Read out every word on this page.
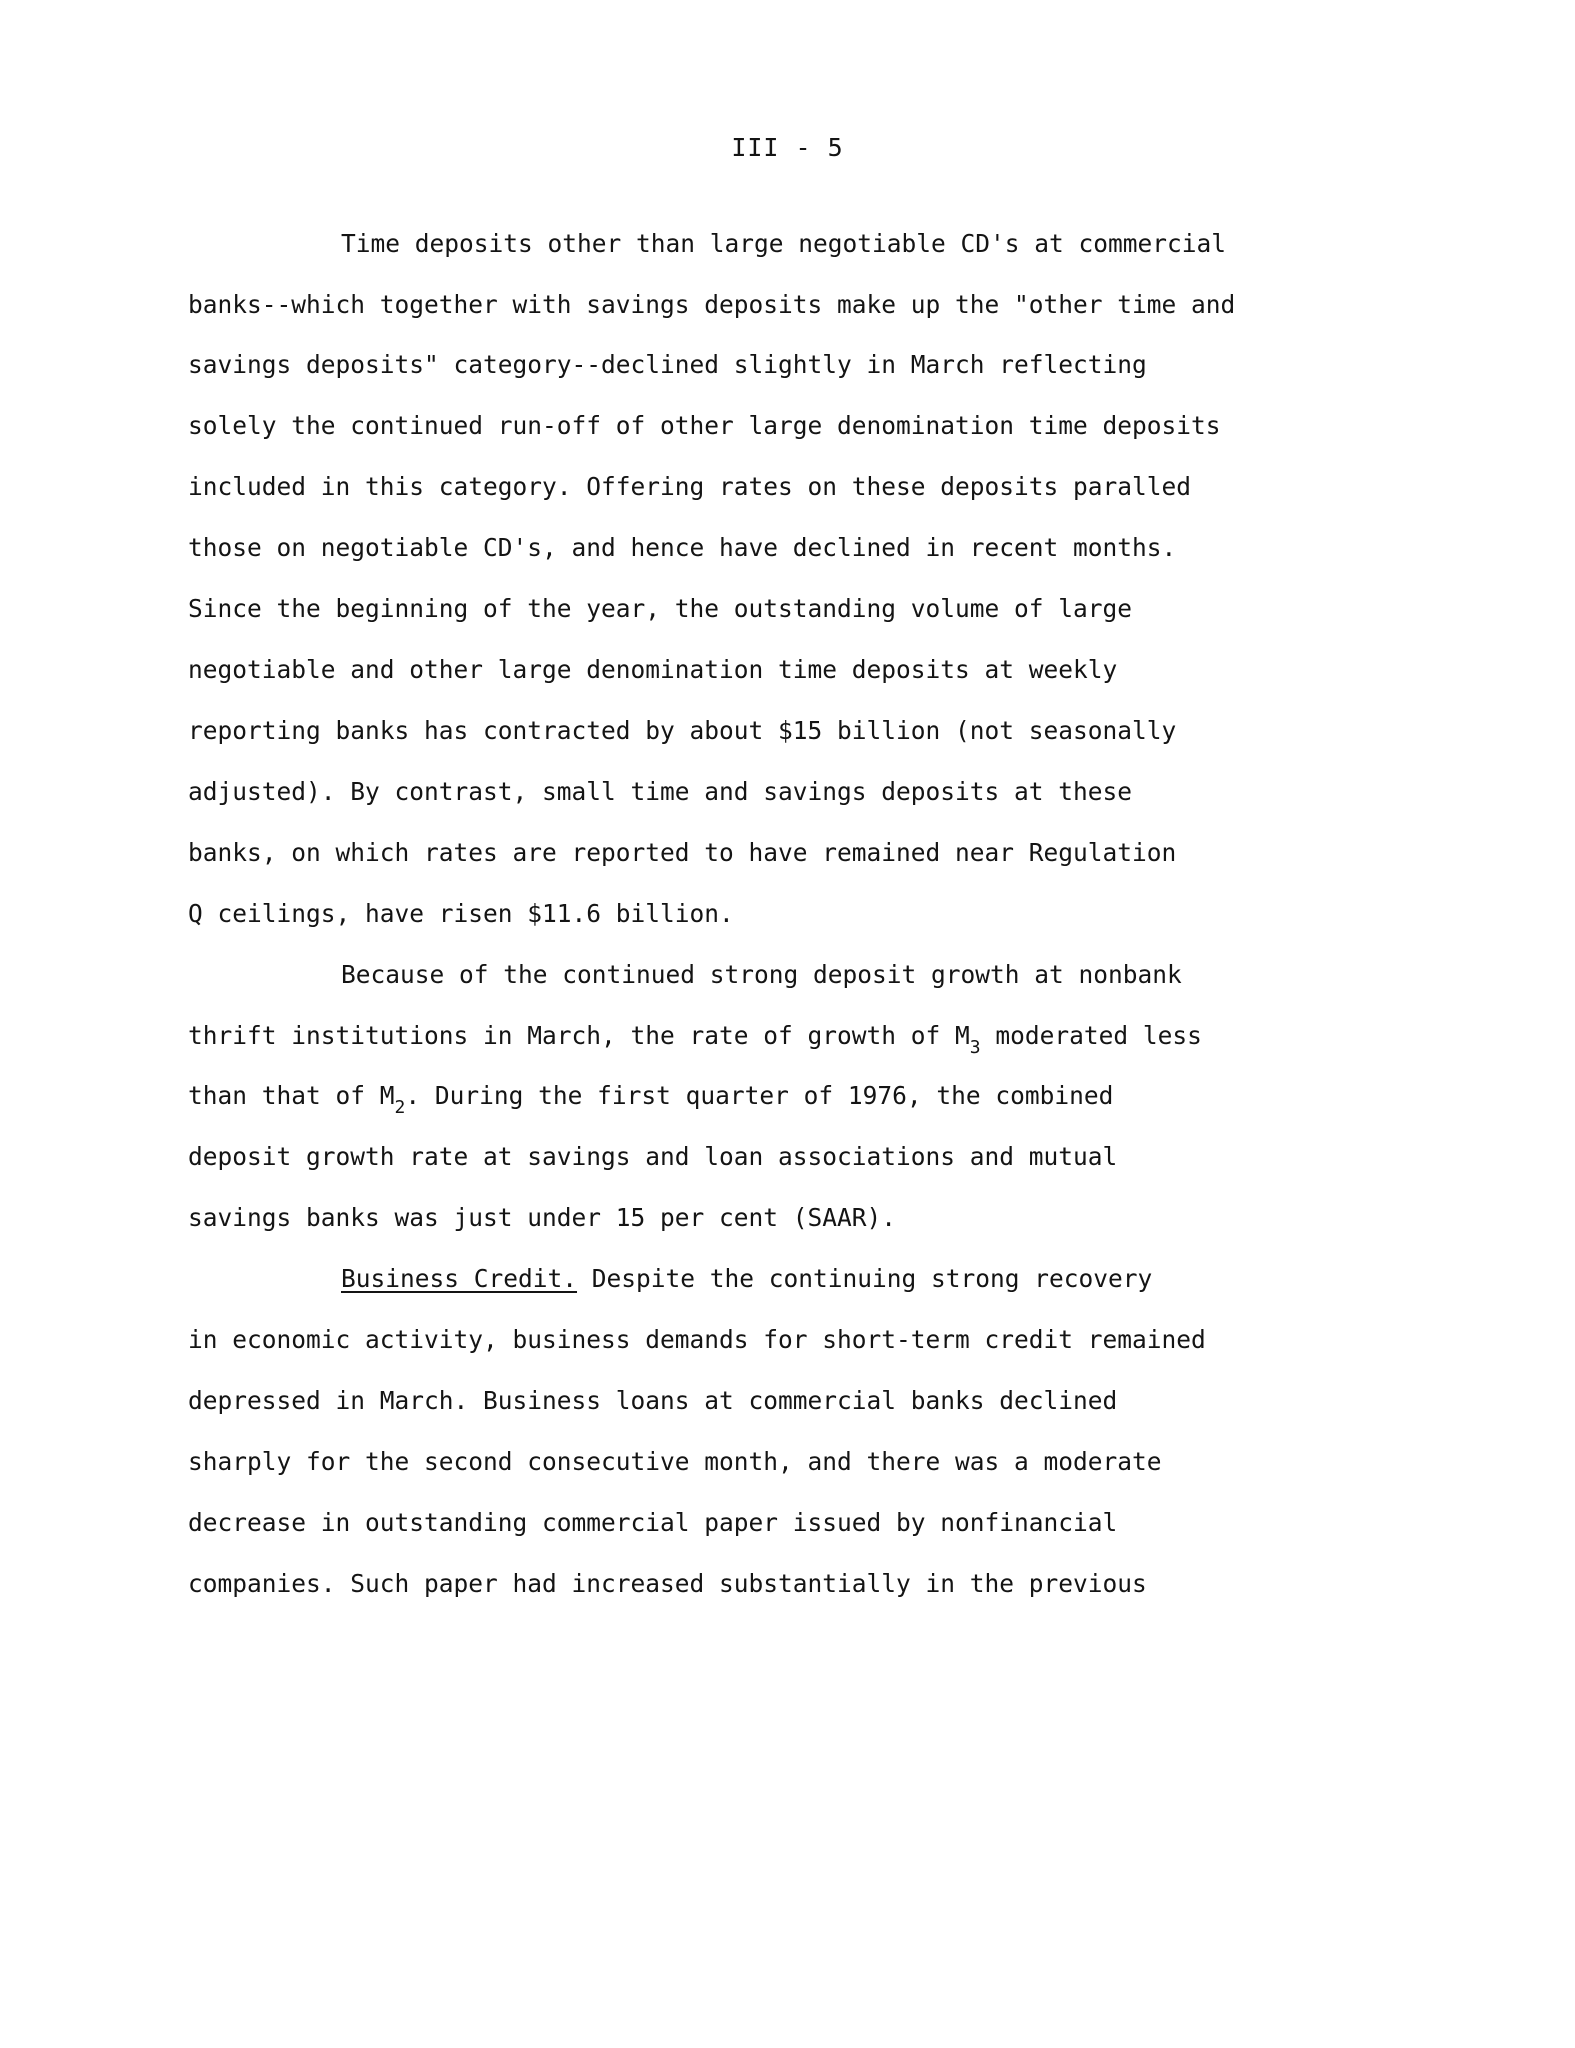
III - 5
Time deposits other than large negotiable CD's at commercial
banks--which together with savings deposits make up the "other time and
savings deposits" category--declined slightly in March reflecting
solely the continued run-off of other large denomination time deposits
included in this category. Offering rates on these deposits paralled
those on negotiable CD's, and hence have declined in recent months.
Since the beginning of the year, the outstanding volume of large
negotiable and other large denomination time deposits at weekly
reporting banks has contracted by about $15 billion (not seasonally
adjusted). By contrast, small time and savings deposits at these
banks, on which rates are reported to have remained near Regulation
Q ceilings, have risen $11.6 billion.
Because of the continued strong deposit growth at nonbank
thrift institutions in March, the rate of growth of $M_3$ moderated less
than that of $M_2$. During the first quarter of 1976, the combined
deposit growth rate at savings and loan associations and mutual
savings banks was just under 15 per cent (SAAR).
Business Credit. Despite the continuing strong recovery
in economic activity, business demands for short-term credit remained
depressed in March. Business loans at commercial banks declined
sharply for the second consecutive month, and there was a moderate
decrease in outstanding commercial paper issued by nonfinancial
companies. Such paper had increased substantially in the previous
